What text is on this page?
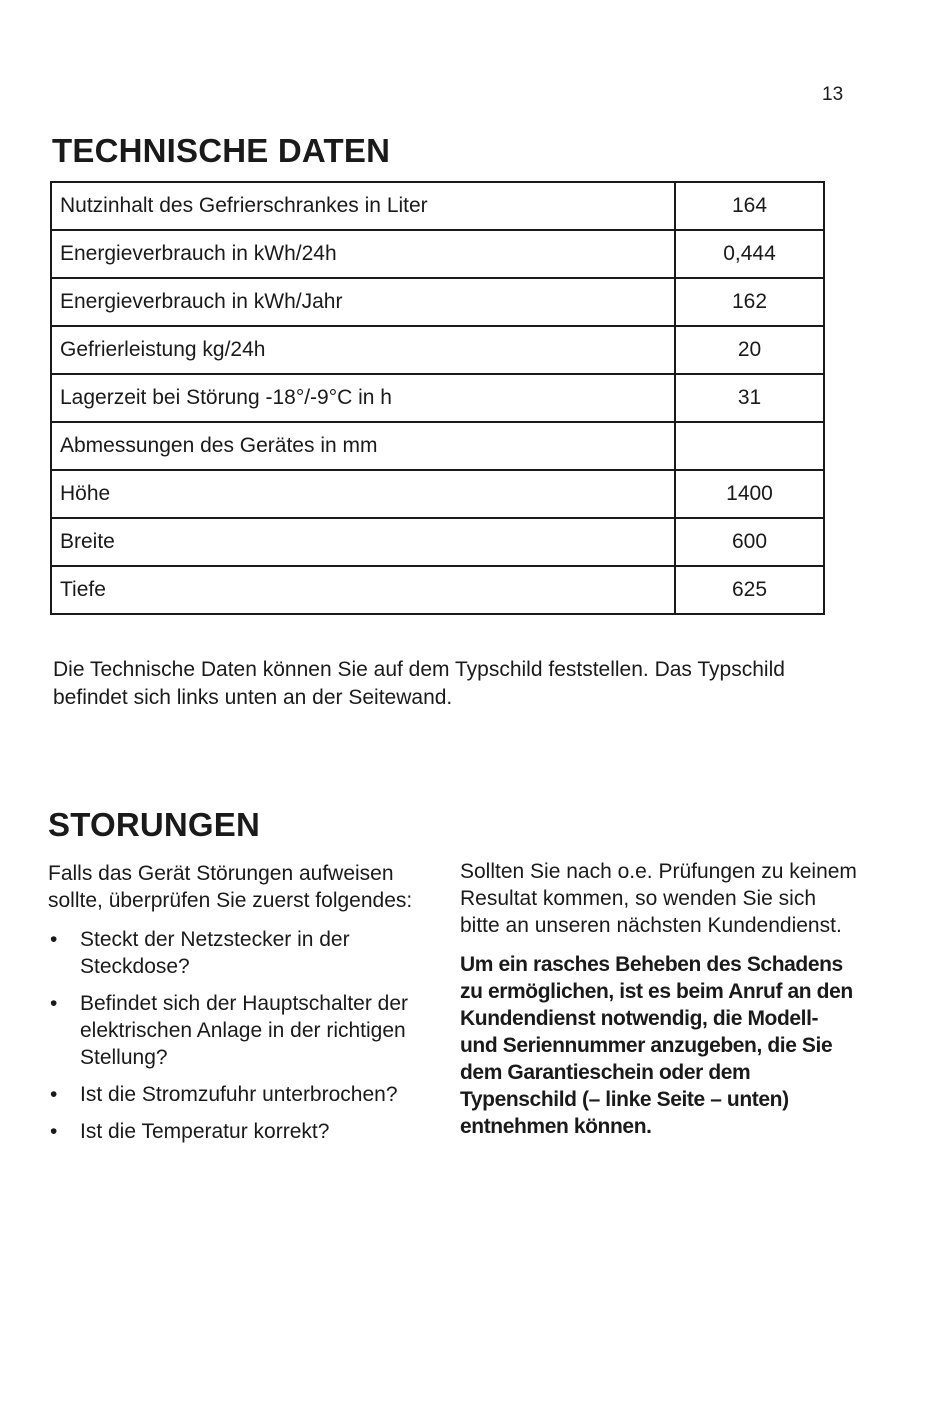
13
TECHNISCHE DATEN
Nutzinhalt des Gefrierschrankes in Liter	164
Energieverbrauch in kWh/24h	0,444
Energieverbrauch in kWh/Jahr	162
Gefrierleistung kg/24h	20
Lagerzeit bei Störung -18°/-9°C in h	31
Abmessungen des Gerätes in mm	
Höhe	1400
Breite	600
Tiefe	625

Die Technische Daten können Sie auf dem Typschild feststellen. Das Typschild befindet sich links unten an der Seitewand.

STORUNGEN

Falls das Gerät Störungen aufweisen sollte, überprüfen Sie zuerst folgendes:

• Steckt der Netzstecker in der Steckdose?
• Befindet sich der Hauptschalter der elektrischen Anlage in der richtigen Stellung?
• Ist die Stromzufuhr unterbrochen?
• Ist die Temperatur korrekt?

Sollten Sie nach o.e. Prüfungen zu keinem Resultat kommen, so wenden Sie sich bitte an unseren nächsten Kundendienst.

Um ein rasches Beheben des Schadens zu ermöglichen, ist es beim Anruf an den Kundendienst notwendig, die Modell- und Seriennummer anzugeben, die Sie dem Garantieschein oder dem Typenschild (– linke Seite – unten) entnehmen können.
